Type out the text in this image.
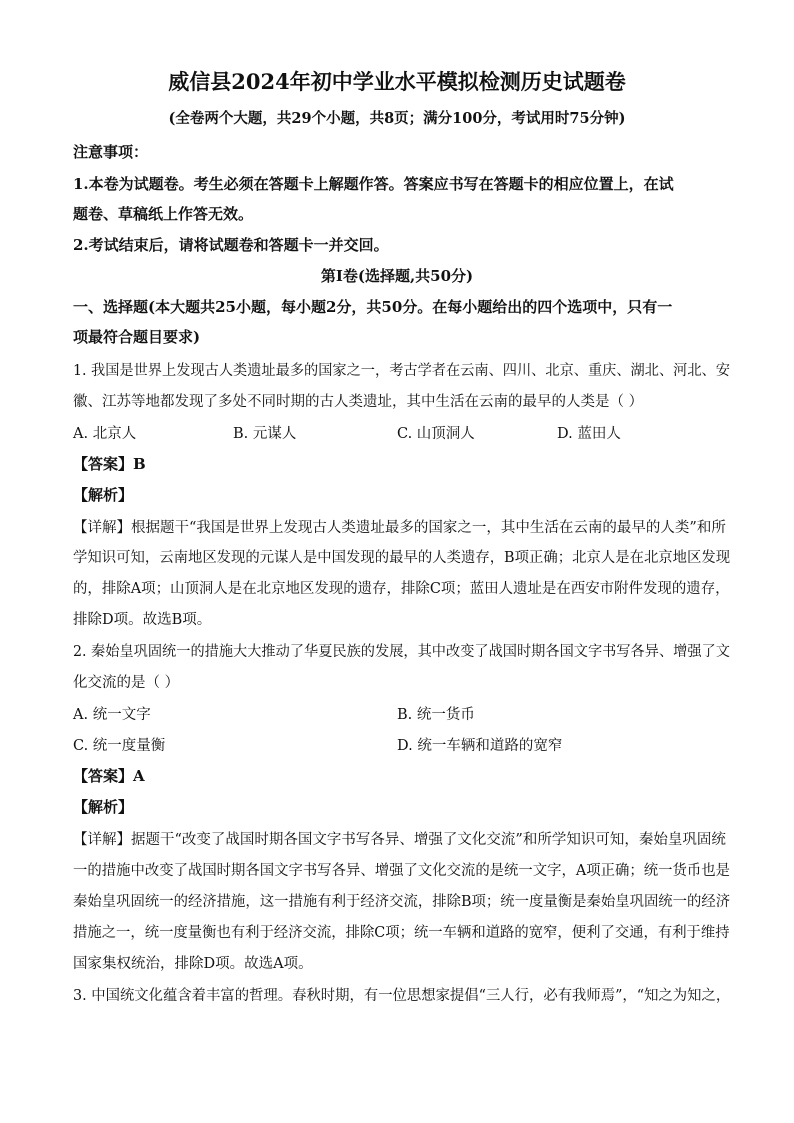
威信县2024年初中学业水平模拟检测历史试题卷
(全卷两个大题，共29个小题，共8页；满分100分，考试用时75分钟)
注意事项：
1.本卷为试题卷。考生必须在答题卡上解题作答。答案应书写在答题卡的相应位置上，在试
题卷、草稿纸上作答无效。
2.考试结束后，请将试题卷和答题卡一并交回。
第Ⅰ卷(选择题,共50分)
一、选择题(本大题共25小题，每小题2分，共50分。在每小题给出的四个选项中，只有一
项最符合题目要求)
1. 我国是世界上发现古人类遗址最多的国家之一，考古学者在云南、四川、北京、重庆、湖北、河北、安
徽、江苏等地都发现了多处不同时期的古人类遗址，其中生活在云南的最早的人类是（ ）
A. 北京人	B. 元谋人	C. 山顶洞人	D. 蓝田人
【答案】B
【解析】
【详解】根据题干“我国是世界上发现古人类遗址最多的国家之一，其中生活在云南的最早的人类”和所
学知识可知，云南地区发现的元谋人是中国发现的最早的人类遗存，B项正确；北京人是在北京地区发现
的，排除A项；山顶洞人是在北京地区发现的遗存，排除C项；蓝田人遗址是在西安市附件发现的遗存，
排除D项。故选B项。
2. 秦始皇巩固统一的措施大大推动了华夏民族的发展，其中改变了战国时期各国文字书写各异、增强了文
化交流的是（ ）
A. 统一文字	B. 统一货币
C. 统一度量衡	D. 统一车辆和道路的宽窄
【答案】A
【解析】
【详解】据题干“改变了战国时期各国文字书写各异、增强了文化交流”和所学知识可知，秦始皇巩固统
一的措施中改变了战国时期各国文字书写各异、增强了文化交流的是统一文字，A项正确；统一货币也是
秦始皇巩固统一的经济措施，这一措施有利于经济交流，排除B项；统一度量衡是秦始皇巩固统一的经济
措施之一，统一度量衡也有利于经济交流，排除C项；统一车辆和道路的宽窄，便利了交通，有利于维持
国家集权统治，排除D项。故选A项。
3. 中国统文化蕴含着丰富的哲理。春秋时期，有一位思想家提倡“三人行，必有我师焉”，“知之为知之，
